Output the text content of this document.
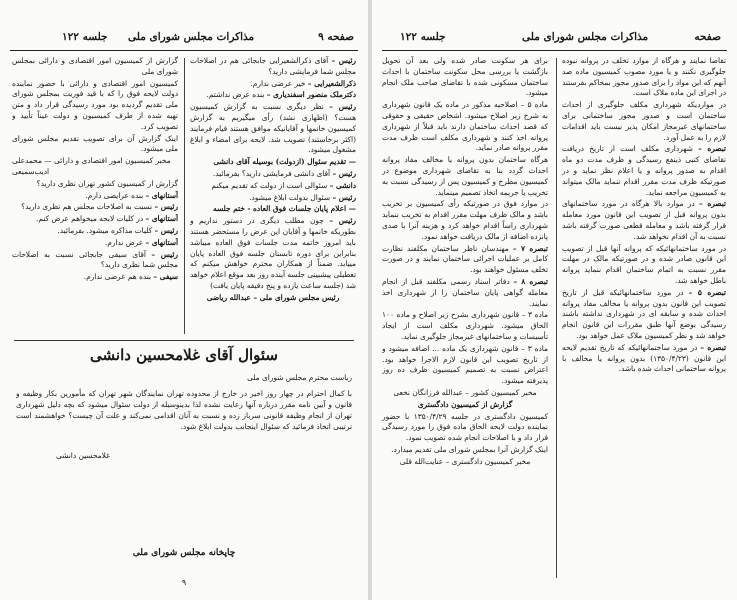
صفحه ۹
مذاکرات مجلس شورای ملی
جلسه ۱۲۲

رئیس – آقای ذکرالشعیرایی جابجائی هم در اصلاحات مجلس شما فرمایشی دارید؟

ذکرالشعیرایی – خیر عرضی ندارم.

دکترملک منصور اسفندیاری – بنده عرض نداشتم.

رئیس – نظر دیگری نسبت به گزارش کمیسیون هست؟ (اظهاری نشد) رأی میگیریم به گزارش کمیسیون خانمها و آقایانیکه موافق هستند قیام فرمایند (اکثر برخاستند) تصویب شد. لایحه برای امضاء و ابلاغ مشغول میشود.

— تقدیم سئوال (ازدولت) بوسیله آقای دانشی

رئیس – آقای دانشی فرمایشی دارید؟ بفرمائید.

دانشی – سئوالی است از دولت که تقدیم میکنم

رئیس – سئوال بدولت ابلاغ میشود.

— اعلام پایان جلسات فوق العاده - ختم جلسه

رئیس – چون مطلب دیگری در دستور نداریم و بطوریکه خانمها و آقایان این عرض را مستحضر هستند باید امروز خاتمه مدت جلسات فوق العاده میباشد بنابراین برای دوره تابستان جلسه فوق العاده پایان مییابد. ضمناً از همکاران محترم خواهش میکنم که تعطیلی پیشبینی جلسه آینده روز بعد موقع اعلام خواهد شد (جلسه ساعت یازده و پنج دقیقه پایان یافت)

رئیس مجلس شورای ملی – عبدالله ریاضی

گزارش از کمیسیون امور اقتصادی و دارائی بمجلس شورای ملی

کمیسیون امور اقتصادی و دارائی با حضور نماینده دولت لایحه فوق را که با قید فوریت بمجلس شورای ملی تقدیم گردیده بود مورد رسیدگی قرار داد و متن تهیه شده از طرف کمیسیون و دولت عیناً تأیید و تصویب کرد.

اینک گزارش آن برای تصویب تقدیم مجلس شورای ملی میشود.

مخبر کمیسیون امور اقتصادی و دارائی — محمدعلی ادیب‌سمیعی

گزارش از کمیسیون کشور تهران نظری دارید؟

آستانهای – بنده عرایضی دارم.

رئیس – نسبت به اصلاحات مجلس هم نظری دارید؟

آستانهای – در کلیات لایحه میخواهم عرض کنم.

رئیس – کلیات مذاکره میشود. بفرمائید.

آستانهای – عرض ندارم.

رئیس – آقای سیفی جابجائی نسبت به اصلاحات مجلس شما نظری دارید؟

سیفی – بنده هم عرضی ندارم.

سئوال آقای غلامحسین دانشی
ریاست محترم مجلس شورای ملی
با کمال احترام در چهار روز اخیر در خارج از محدوده تهران نمایندگان شهر تهران که مأمورین بکار وظیفه و قانون و آیین نامه مقرر درباره آنها رعایت نشده لذا بدینوسیله از دولت سئوال میشود که بچه دلیل شهرداری تهران از انجام وظیفه قانونی سرباز زده و نسبت به آنان اقدامی نمی‌کند و علت آن چیست؟ خواهشمند است ترتیبی اتخاذ فرمائید که سئوال اینجانب بدولت ابلاغ شود.
غلامحسین دانشی
چاپخانه مجلس شورای ملی
٩
صفحه
مذاکرات مجلس شورای ملی
جلسه ۱۲۲

تقاضا نمایند و هرگاه از موارد تخلف در پروانه نبوده جلوگیری نکنند و یا مورد مصوب کمیسیون ماده صد آنهم که این مواد را برای صدور مجوز بمحاکم بفرستند در اجرای این ماده ملاک است.

در مواردیکه شهرداری مکلف جلوگیری از احداث ساختمان است و صدور مجوز ساختمانی برای ساختمانهای غیرمجاز امکان پذیر نیست باید اقدامات لازم را به عمل آورد.

تبصره – شهرداری مکلف است از تاریخ دریافت تقاضای کتبی ذینفع رسیدگی و ظرف مدت دو ماه اقدام به صدور پروانه و یا اعلام نظر نماید و در صورتیکه ظرف مدت مقرر اقدام ننماید مالک میتواند به کمیسیون مراجعه نماید.

تبصره – در موارد بالا هرگاه در مورد ساختمانهای بدون پروانه قبل از تصویب این قانون مورد معامله قرار گرفته باشد و معامله قطعی صورت گرفته باشد نسبت به آن اقدام نخواهد شد.

در مورد ساختمانهائیکه که پروانه آنها قبل از تصویب این قانون صادر شده و در صورتیکه مالک در مهلت مقرر نسبت به اتمام ساختمان اقدام ننماید پروانه باطل خواهد شد.

تبصره ۵ – در مورد ساختمانهائیکه قبل از تاریخ تصویب این قانون بدون پروانه یا مخالف مفاد پروانه احداث شده و سابقه ای در شهرداری نداشته باشند رسیدگی بوضع آنها طبق مقررات این قانون انجام خواهد شد و نظر کمیسیون ملاک عمل خواهد بود.

تبصره – در مورد ساختمانهائیکه که تاریخ تقدیم لایحه این قانون (۱۳۵۰/۴/۲۳) بدون پروانه یا مخالف با پروانه ساختمانی احداث شده باشد.

برای هر سکونت صادر شده ولی بعد آن تحویل بازگشت یا بررسی محل سکونت ساختمان با احداث ساختمان مسکونی شده با تقاضای صاحب ملک انجام میشود.

ماده ۵ – اصلاحیه مذکور در ماده یک قانون شهرداری به شرح زیر اصلاح میشود. اشخاص حقیقی و حقوقی که قصد احداث ساختمان دارند باید قبلاً از شهرداری پروانه اخذ کنند و شهرداری مکلف است ظرف مدت مقرر پروانه صادر نماید.

هرگاه ساختمان بدون پروانه یا مخالف مفاد پروانه احداث گردد بنا به تقاضای شهرداری موضوع در کمیسیون مطرح و کمیسیون پس از رسیدگی نسبت به تخریب یا جریمه اتخاذ تصمیم مینماید.

در موارد فوق در صورتیکه رأی کمیسیون بر تخریب باشد و مالک ظرف مهلت مقرر اقدام به تخریب ننماید شهرداری راساً اقدام خواهد کرد و هزینه آنرا با صدی پانزده اضافه از مالک دریافت خواهد نمود.

تبصره ۷ – مهندسان ناظر ساختمان مکلفند نظارت کامل بر عملیات اجرائی ساختمان نمایند و در صورت تخلف مسئول خواهند بود.

تبصره ۸ – دفاتر اسناد رسمی مکلفند قبل از انجام معامله گواهی پایان ساختمان را از شهرداری اخذ نمایند.

ماده ۳ – قانون شهرداری بشرح زیر اصلاح و ماده ۱۰۰ الحاق میشود. شهرداری مکلف است از ایجاد تأسیسات و ساختمانهای غیرمجاز جلوگیری نماید.

ماده ۳ – قانون شهرداری یک ماده ... اضافه میشود و از تاریخ تصویب این قانون لازم الاجرا خواهد بود. اعتراض نسبت به تصمیم کمیسیون ظرف ده روز پذیرفته میشود.

مخبر کمیسیون کشور – عبدالله فرزانگان نخعی

گزارش از کمیسیون دادگستری

کمیسیون دادگستری در جلسه ۱۳۵۰/۴/۲۹ با حضور نماینده دولت لایحه الحاق ماده فوق را مورد رسیدگی قرار داد و با اصلاحات انجام شده تصویب نمود.

اینک گزارش آنرا بمجلس شورای ملی تقدیم میدارد.

مخبر کمیسیون دادگستری – عنایت‌الله قلی
